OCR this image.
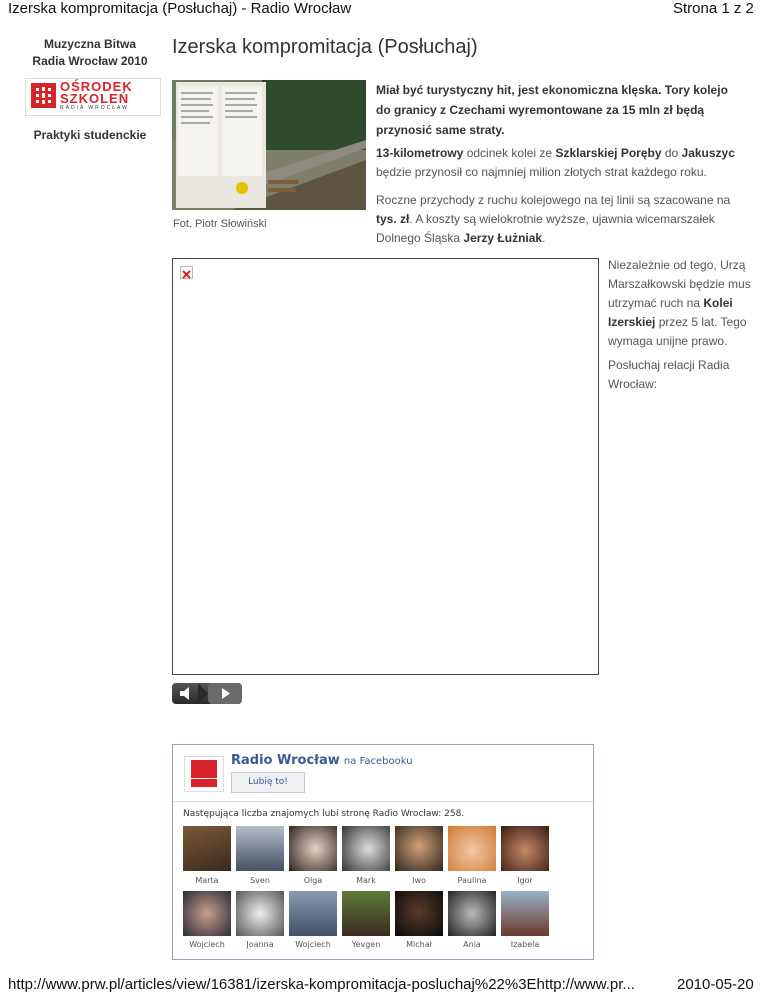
Izerska kompromitacja (Posłuchaj) - Radio Wrocław	Strona 1 z 2
Muzyczna Bitwa
Radia Wrocław 2010
OŚRODEK
SZKOLEŃ
RADIA WROCŁAW
Praktyki studenckie
Izerska kompromitacja (Posłuchaj)
Fot. Piotr Słowiński
Miał być turystyczny hit, jest ekonomiczna klęska. Tory kolejo
do granicy z Czechami wyremontowane za 15 mln zł będą
przynosić same straty.
13-kilometrowy odcinek kolei ze Szklarskiej Poręby do Jakuszyc
będzie przynosił co najmniej milion złotych strat każdego roku.
Roczne przychody z ruchu kolejowego na tej linii są szacowane na
tys. zł. A koszty są wielokrotnie wyższe, ujawnia wicemarszałek
Dolnego Śląska Jerzy Łużniak.
Niezależnie od tego, Urzą
Marszałkowski będzie mus
utrzymać ruch na Kolei
Izerskiej przez 5 lat. Tego
wymaga unijne prawo.
Posłuchaj relacji Radia
Wrocław:
Radio Wrocław na Facebooku
Lubię to!
Następująca liczba znajomych lubi stronę Radio Wrocław: 258.
Marta	Sven	Olga	Mark	Iwo	Paulina	Igor
Wojciech	Joanna	Wojciech	Yevgen	Michał	Ania	Izabela
http://www.prw.pl/articles/view/16381/izerska-kompromitacja-posluchaj%22%3Ehttp://www.pr...	2010-05-20
